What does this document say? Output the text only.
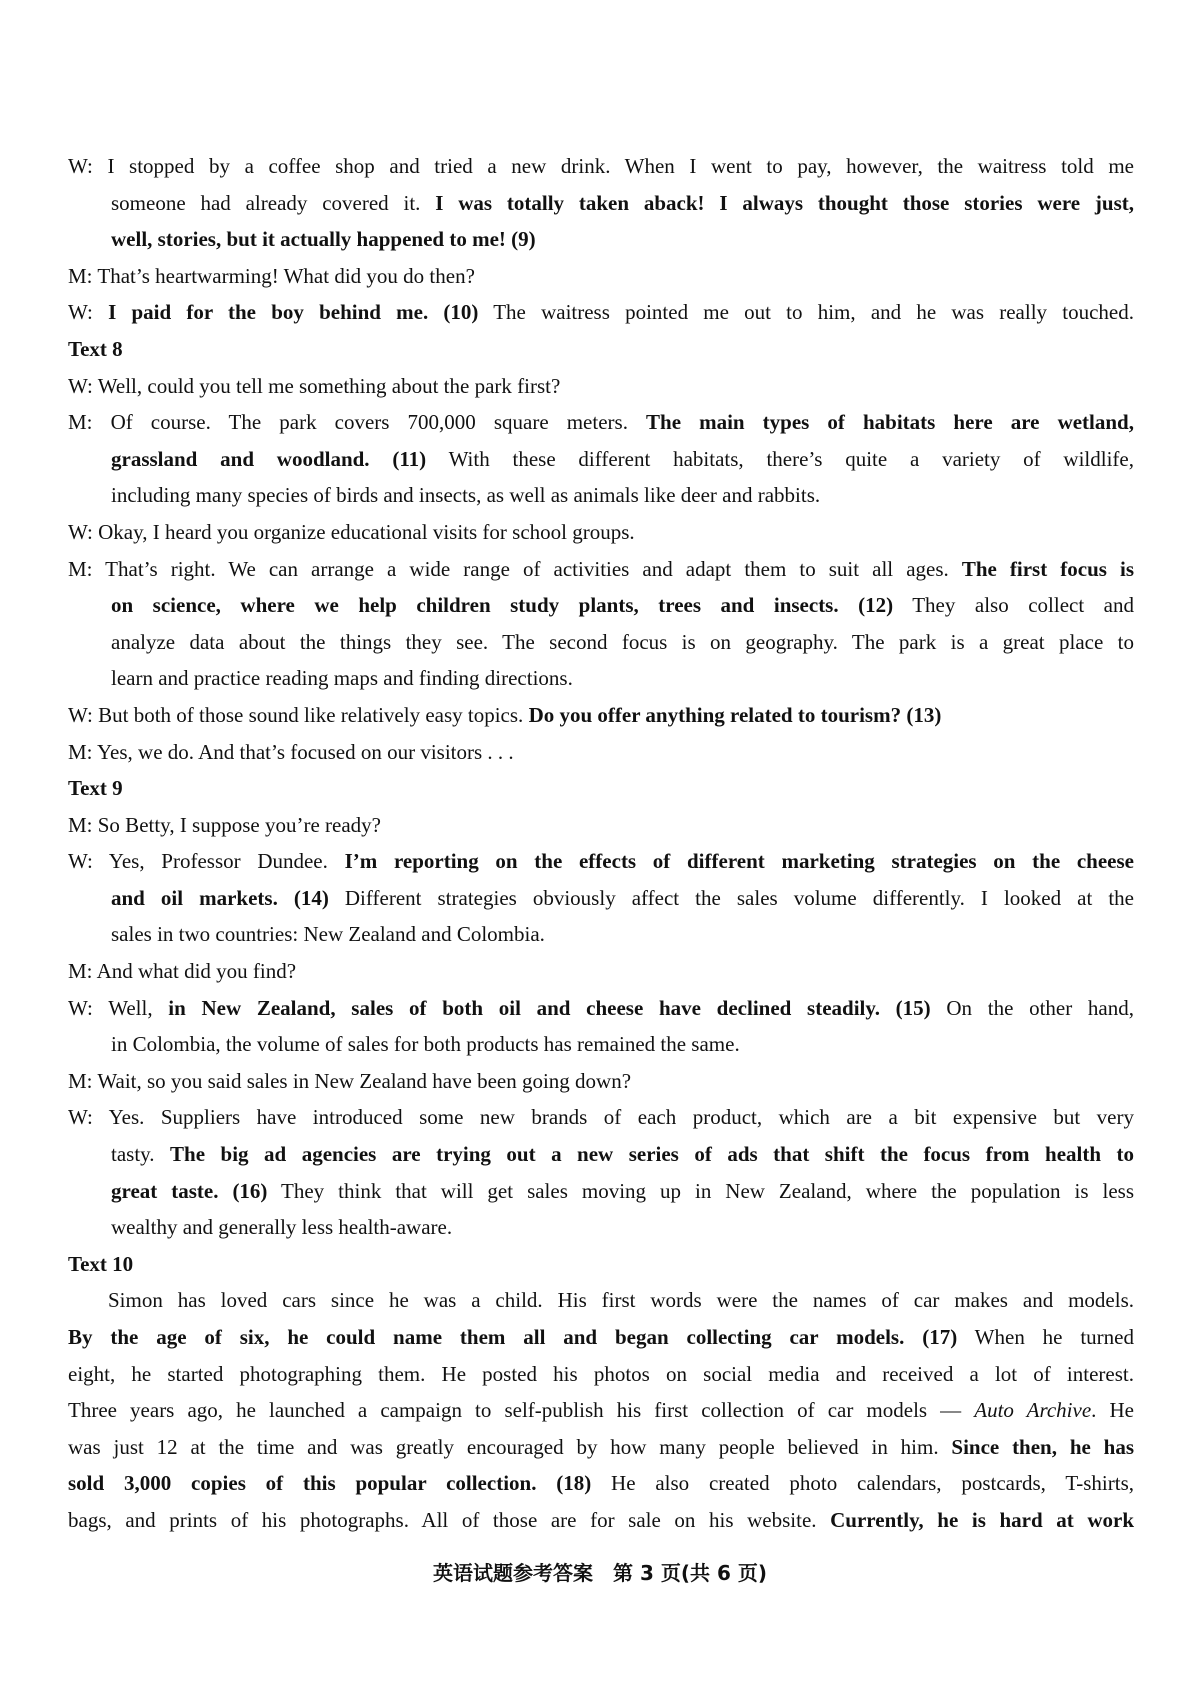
W: I stopped by a coffee shop and tried a new drink. When I went to pay, however, the waitress told me
someone had already covered it. I was totally taken aback! I always thought those stories were just,
well, stories, but it actually happened to me! (9)
M: That’s heartwarming! What did you do then?
W: I paid for the boy behind me. (10) The waitress pointed me out to him, and he was really touched.
Text 8
W: Well, could you tell me something about the park first?
M: Of course. The park covers 700,000 square meters. The main types of habitats here are wetland,
grassland and woodland. (11) With these different habitats, there’s quite a variety of wildlife,
including many species of birds and insects, as well as animals like deer and rabbits.
W: Okay, I heard you organize educational visits for school groups.
M: That’s right. We can arrange a wide range of activities and adapt them to suit all ages. The first focus is
on science, where we help children study plants, trees and insects. (12) They also collect and
analyze data about the things they see. The second focus is on geography. The park is a great place to
learn and practice reading maps and finding directions.
W: But both of those sound like relatively easy topics. Do you offer anything related to tourism? (13)
M: Yes, we do. And that’s focused on our visitors . . .
Text 9
M: So Betty, I suppose you’re ready?
W: Yes, Professor Dundee. I’m reporting on the effects of different marketing strategies on the cheese
and oil markets. (14) Different strategies obviously affect the sales volume differently. I looked at the
sales in two countries: New Zealand and Colombia.
M: And what did you find?
W: Well, in New Zealand, sales of both oil and cheese have declined steadily. (15) On the other hand,
in Colombia, the volume of sales for both products has remained the same.
M: Wait, so you said sales in New Zealand have been going down?
W: Yes. Suppliers have introduced some new brands of each product, which are a bit expensive but very
tasty. The big ad agencies are trying out a new series of ads that shift the focus from health to
great taste. (16) They think that will get sales moving up in New Zealand, where the population is less
wealthy and generally less health-aware.
Text 10
Simon has loved cars since he was a child. His first words were the names of car makes and models.
By the age of six, he could name them all and began collecting car models. (17) When he turned
eight, he started photographing them. He posted his photos on social media and received a lot of interest.
Three years ago, he launched a campaign to self-publish his first collection of car models — Auto Archive. He
was just 12 at the time and was greatly encouraged by how many people believed in him. Since then, he has
sold 3,000 copies of this popular collection. (18) He also created photo calendars, postcards, T-shirts,
bags, and prints of his photographs. All of those are for sale on his website. Currently, he is hard at work
英语试题参考答案　第 3 页(共 6 页)
